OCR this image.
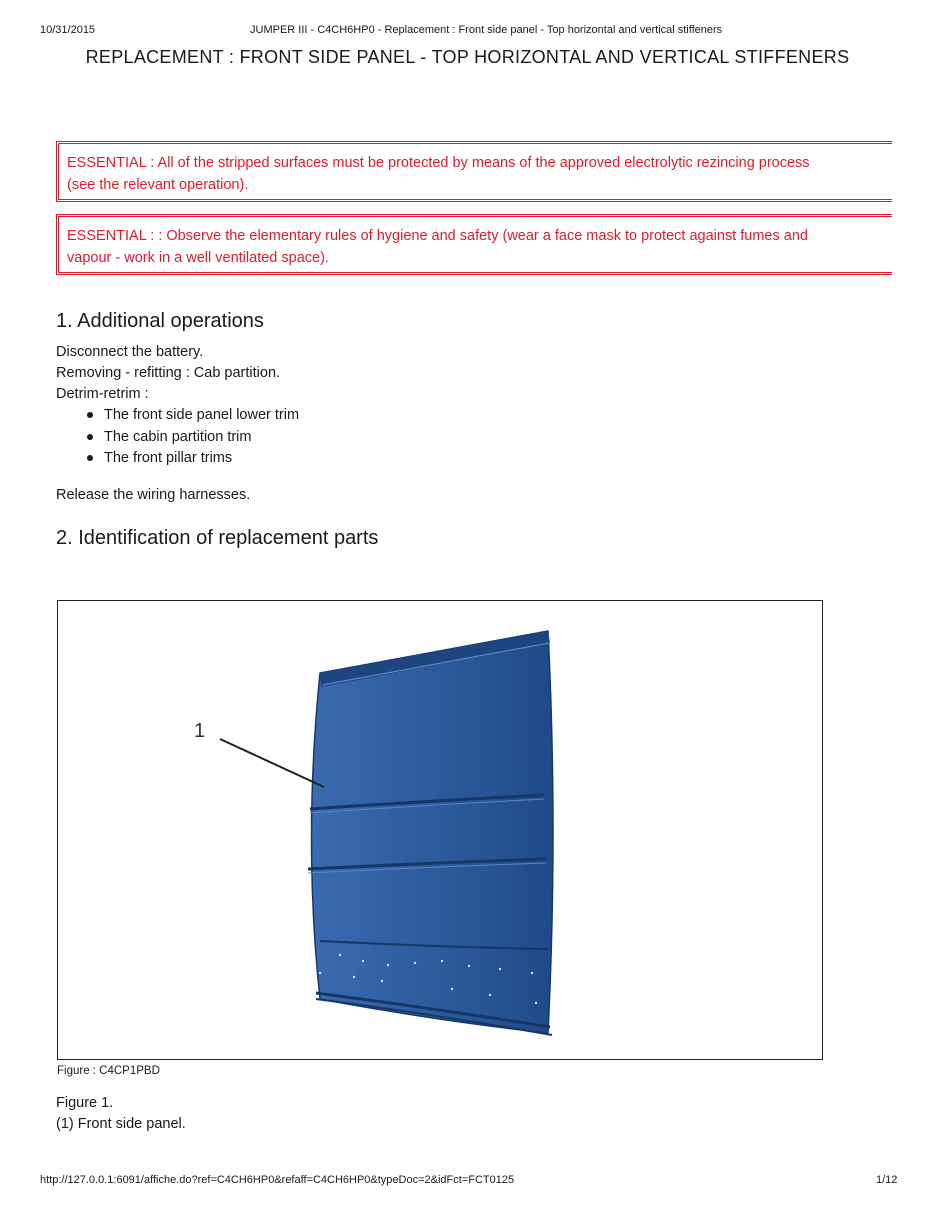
10/31/2015	JUMPER III - C4CH6HP0 - Replacement : Front side panel - Top horizontal and vertical stiffeners
REPLACEMENT : FRONT SIDE PANEL - TOP HORIZONTAL AND VERTICAL STIFFENERS
ESSENTIAL : All of the stripped surfaces must be protected by means of the approved electrolytic rezincing process
(see the relevant operation).
ESSENTIAL : : Observe the elementary rules of hygiene and safety (wear a face mask to protect against fumes and
vapour - work in a well ventilated space).
1. Additional operations
Disconnect the battery.
Removing - refitting : Cab partition.
Detrim-retrim :
The front side panel lower trim
The cabin partition trim
The front pillar trims
Release the wiring harnesses.
2. Identification of replacement parts
1
Figure : C4CP1PBD
Figure 1.
(1) Front side panel.
http://127.0.0.1:6091/affiche.do?ref=C4CH6HP0&refaff=C4CH6HP0&typeDoc=2&idFct=FCT0125	1/12
